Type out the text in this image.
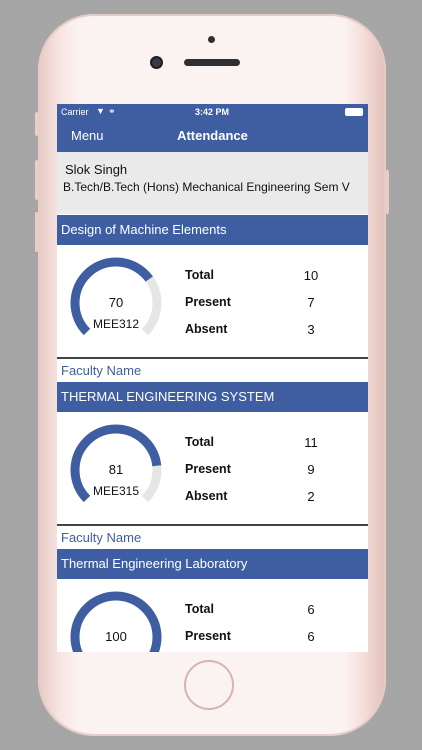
Carrier ▼ ⚭	3:42 PM
Attendance
Menu
Slok Singh
B.Tech/B.Tech (Hons) Mechanical Engineering Sem V
Design of Machine Elements
70
MEE312
Total	10
Present	7
Absent	3
Faculty Name
THERMAL ENGINEERING SYSTEM
81
MEE315
Total	11
Present	9
Absent	2
Faculty Name
Thermal Engineering Laboratory
100
Total	6
Present	6
